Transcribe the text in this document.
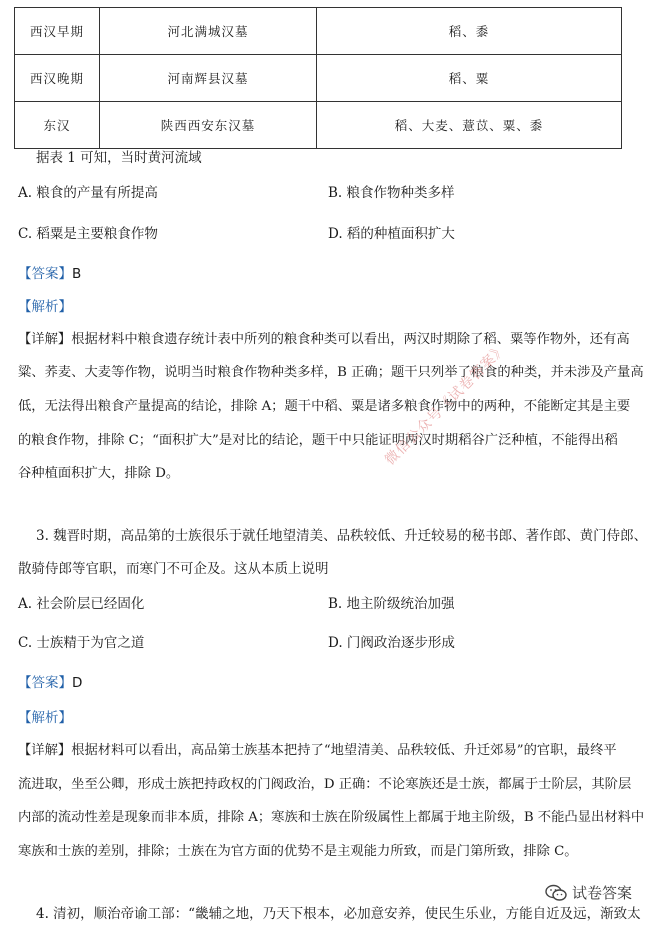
西汉早期	河北满城汉墓	稻、黍
西汉晚期	河南辉县汉墓	稻、粟
东汉	陕西西安东汉墓	稻、大麦、薏苡、粟、黍
据表 1 可知，当时黄河流域
A. 粮食的产量有所提高	B. 粮食作物种类多样
C. 稻粟是主要粮食作物	D. 稻的种植面积扩大
【答案】B
【解析】
【详解】根据材料中粮食遗存统计表中所列的粮食种类可以看出，两汉时期除了稻、粟等作物外，还有高
粱、荞麦、大麦等作物，说明当时粮食作物种类多样，B 正确；题干只列举了粮食的种类，并未涉及产量高
低，无法得出粮食产量提高的结论，排除 A；题干中稻、粟是诸多粮食作物中的两种，不能断定其是主要
的粮食作物，排除 C；“面积扩大”是对比的结论，题干中只能证明两汉时期稻谷广泛种植，不能得出稻
谷种植面积扩大，排除 D。
3. 魏晋时期，高品第的士族很乐于就任地望清美、品秩较低、升迁较易的秘书郎、著作郎、黄门侍郎、
散骑侍郎等官职，而寒门不可企及。这从本质上说明
A. 社会阶层已经固化	B. 地主阶级统治加强
C. 士族精于为官之道	D. 门阀政治逐步形成
【答案】D
【解析】
【详解】根据材料可以看出，高品第士族基本把持了“地望清美、品秩较低、升迁郊易”的官职，最终平
流进取，坐至公卿，形成士族把持政权的门阀政治，D 正确：不论寒族还是士族，都属于士阶层，其阶层
内部的流动性差是现象而非本质，排除 A；寒族和士族在阶级属性上都属于地主阶级，B 不能凸显出材料中
寒族和士族的差别，排除；士族在为官方面的优势不是主观能力所致，而是门第所致，排除 C。
4. 清初，顺治帝谕工部：“畿辅之地，乃天下根本，必加意安养，使民生乐业，方能自近及远，渐致太
微信公众号《试卷答案》
试卷答案
